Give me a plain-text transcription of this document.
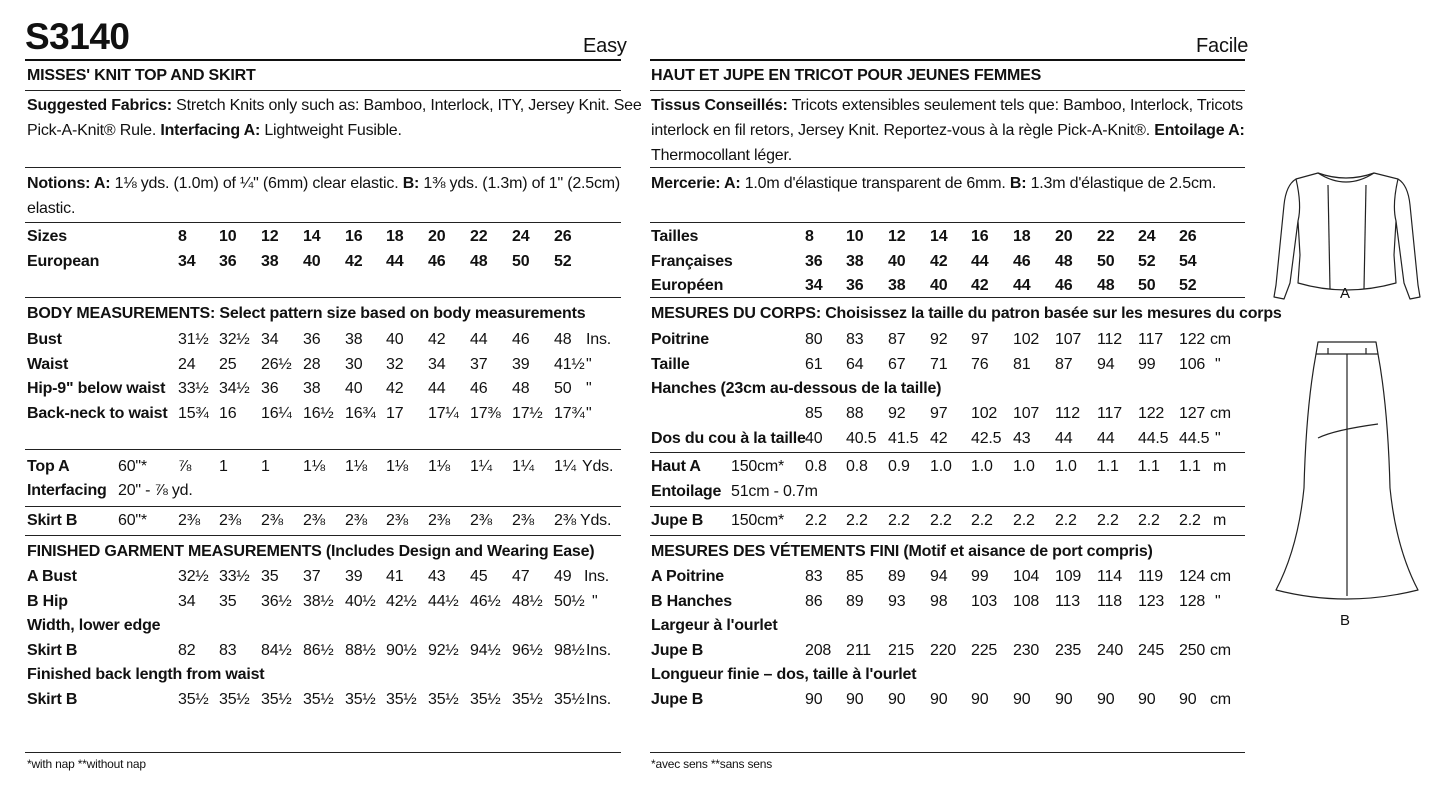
S3140	Easy
MISSES' KNIT TOP AND SKIRT
Suggested Fabrics: Stretch Knits only such as: Bamboo, Interlock, ITY, Jersey Knit. See
Pick-A-Knit® Rule. Interfacing A: Lightweight Fusible.
Notions: A: 1⅛ yds. (1.0m) of ¼" (6mm) clear elastic. B: 1⅜ yds. (1.3m) of 1" (2.5cm)
elastic.
Sizes	8 10 12 14 16 18 20 22 24 26
European	34 36 38 40 42 44 46 48 50 52
BODY MEASUREMENTS: Select pattern size based on body measurements
Bust	31½ 32½ 34 36 38 40 42 44 46 48 Ins.
Waist	24 25 26½ 28 30 32 34 37 39 41½ "
Hip-9" below waist 33½ 34½ 36 38 40 42 44 46 48 50 "
Back-neck to waist 15¾ 16 16¼ 16½ 16¾ 17 17¼ 17⅜ 17½ 17¾ "
Top A	60"* ⅞ 1 1 1⅛ 1⅛ 1⅛ 1⅛ 1¼ 1¼ 1¼ Yds.
Interfacing 20" - ⅞ yd.
Skirt B	60"* 2⅜ 2⅜ 2⅜ 2⅜ 2⅜ 2⅜ 2⅜ 2⅜ 2⅜ 2⅜ Yds.
FINISHED GARMENT MEASUREMENTS (Includes Design and Wearing Ease)
A Bust	32½ 33½ 35 37 39 41 43 45 47 49 Ins.
B Hip	34 35 36½ 38½ 40½ 42½ 44½ 46½ 48½ 50½ "
Width, lower edge
Skirt B	82 83 84½ 86½ 88½ 90½ 92½ 94½ 96½ 98½ Ins.
Finished back length from waist
Skirt B	35½ 35½ 35½ 35½ 35½ 35½ 35½ 35½ 35½ 35½ Ins.
Facile
HAUT ET JUPE EN TRICOT POUR JEUNES FEMMES
Tissus Conseillés: Tricots extensibles seulement tels que: Bamboo, Interlock, Tricots
interlock en fil retors, Jersey Knit. Reportez-vous à la règle Pick-A-Knit®. Entoilage A:
Thermocollant léger.
Mercerie: A: 1.0m d'élastique transparent de 6mm. B: 1.3m d'élastique de 2.5cm.
Tailles	8 10 12 14 16 18 20 22 24 26
Françaises	36 38 40 42 44 46 48 50 52 54
Européen	34 36 38 40 42 44 46 48 50 52
MESURES DU CORPS: Choisissez la taille du patron basée sur les mesures du corps
Poitrine	80 83 87 92 97 102 107 112 117 122 cm
Taille	61 64 67 71 76 81 87 94 99 106 "
Hanches (23cm au-dessous de la taille)
85 88 92 97 102 107 112 117 122 127 cm
Dos du cou à la taille 40 40.5 41.5 42 42.5 43 44 44 44.5 44.5 "
Haut A 150cm* 0.8 0.8 0.9 1.0 1.0 1.0 1.0 1.1 1.1 1.1 m
Entoilage 51cm - 0.7m
Jupe B 150cm* 2.2 2.2 2.2 2.2 2.2 2.2 2.2 2.2 2.2 2.2 m
MESURES DES VÉTEMENTS FINI (Motif et aisance de port compris)
A Poitrine	83 85 89 94 99 104 109 114 119 124 cm
B Hanches	86 89 93 98 103 108 113 118 123 128 "
Largeur à l'ourlet
Jupe B	208 211 215 220 225 230 235 240 245 250 cm
Longueur finie – dos, taille à l'ourlet
Jupe B	90 90 90 90 90 90 90 90 90 90 cm
*with nap **without nap	*avec sens **sans sens
A
B
